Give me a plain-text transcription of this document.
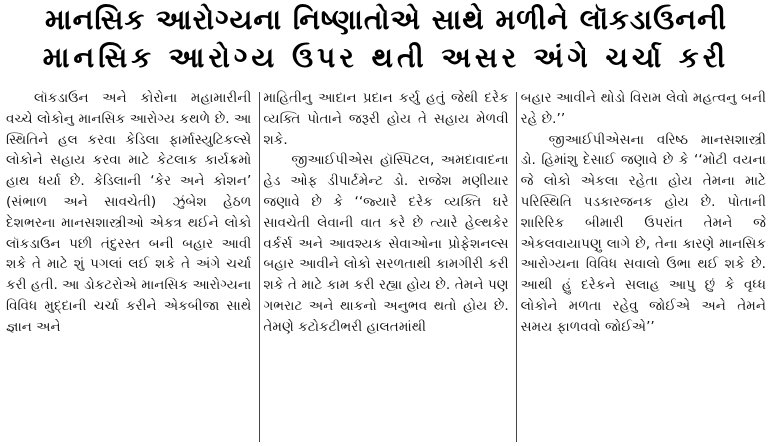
માનસિક આરોગ્યના નિષ્ણાતોએ સાથે મળીને લૉકડાઉનની
માનસિક આરોગ્ય ઉપર થતી અસર અંગે ચર્ચા કરી

લૉકડાઉન અને કોરોના મહામારીની વચ્ચે લોકોનુ માનસિક આરોગ્ય કથળે છે. આ સ્થિતિને હલ કરવા કેડિલા ફાર્માસ્યુટિકલ્સે લોકોને સહાય કરવા માટે કેટલાક કાર્યક્રમો હાથ ધર્યા છે. કેડિલાની ‘કેર અને કોશન’ (સંભાળ અને સાવચેતી) ઝુંબેશ હેઠળ દેશભરના માનસશાસ્ત્રીઓ એકત્ર થઈને લોકો લૉકડાઉન પછી તંદુરસ્ત બની બહાર આવી શકે તે માટે શું પગલાં લઈ શકે તે અંગે ચર્ચા કરી હતી. આ ડોકટરોએ માનસિક આરોગ્યના વિવિધ મુદ્દાની ચર્ચા કરીને એકબીજા સાથે જ્ઞાન અને

માહિતીનુ આદાન પ્રદાન કર્યુ હતું જેથી દરેક વ્યક્તિ પોતાને જરૂરી હોય તે સહાય મેળવી શકે.

જીઆઈપીએસ હૉસ્પિટલ, અમદાવાદના હેડ ઓફ ડીપાર્ટમેન્ટ ડો. રાજેશ મણીયાર જણાવે છે કે ‘‘જ્યારે દરેક વ્યક્તિ ઘરે સાવચેતી લેવાની વાત કરે છે ત્યારે હેલ્થકેર વર્કર્સ અને આવશ્યક સેવાઓના પ્રોફેશનલ્સ બહાર આવીને લોકો સરળતાથી કામગીરી કરી શકે તે માટે કામ કરી રહ્યા હોય છે. તેમને પણ ગભરાટ અને થાકનો અનુભવ થતો હોય છે. તેમણે કટોકટીભરી હાલતમાંથી

બહાર આવીને થોડો વિરામ લેવો મહત્વનુ બની રહે છે.’’

જીઆઈપીએસના વરિષ્ઠ માનસશાસ્ત્રી ડો. હિમાંશુ દેસાઈ જણાવે છે કે ‘‘મોટી વયના જે લોકો એકલા રહેતા હોય તેમના માટે પરિસ્થિતિ પડકારજનક હોય છે. પોતાની શારિરિક બીમારી ઉપરાંત તેમને જે એકલવાયાપણુ લાગે છે, તેના કારણે માનસિક આરોગ્યના વિવિધ સવાલો ઉભા થઈ શકે છે. આથી હું દરેકને સલાહ આપુ છું કે વૃધ્ધ લોકોને મળતા રહેવુ જોઈએ અને તેમને સમય ફાળવવો જોઈએ’’
